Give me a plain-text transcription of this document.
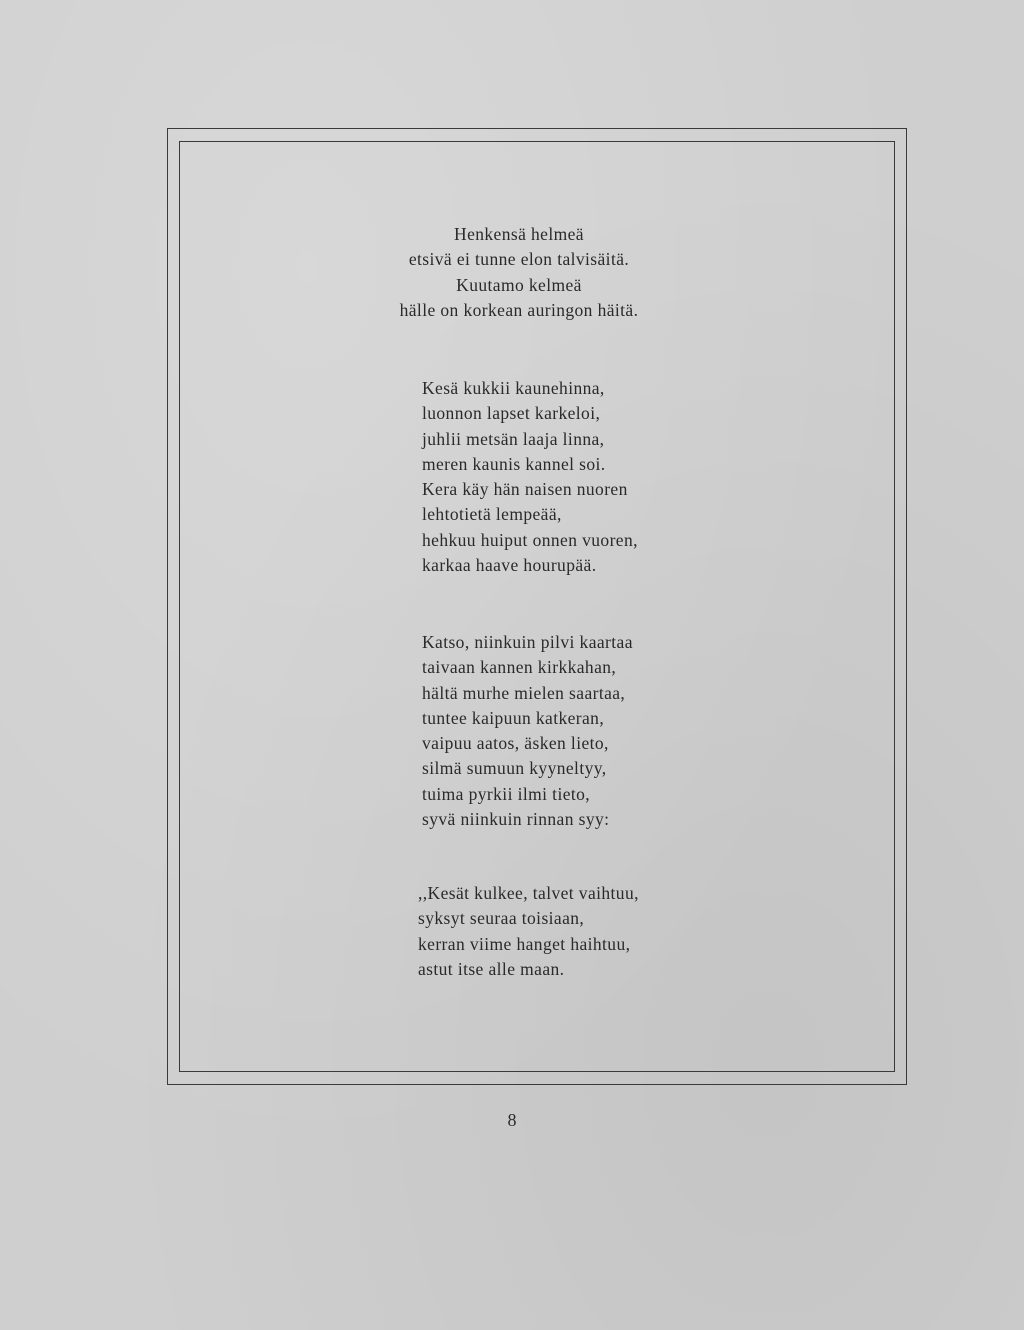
Henkensä helmeä
etsivä ei tunne elon talvisäitä.
Kuutamo kelmeä
hälle on korkean auringon häitä.
Kesä kukkii kaunehinna,
luonnon lapset karkeloi,
juhlii metsän laaja linna,
meren kaunis kannel soi.
Kera käy hän naisen nuoren
lehtotietä lempeää,
hehkuu huiput onnen vuoren,
karkaa haave hourupää.
Katso, niinkuin pilvi kaartaa
taivaan kannen kirkkahan,
hältä murhe mielen saartaa,
tuntee kaipuun katkeran,
vaipuu aatos, äsken lieto,
silmä sumuun kyyneltyy,
tuima pyrkii ilmi tieto,
syvä niinkuin rinnan syy:
,,Kesät kulkee, talvet vaihtuu,
syksyt seuraa toisiaan,
kerran viime hanget haihtuu,
astut itse alle maan.
8
